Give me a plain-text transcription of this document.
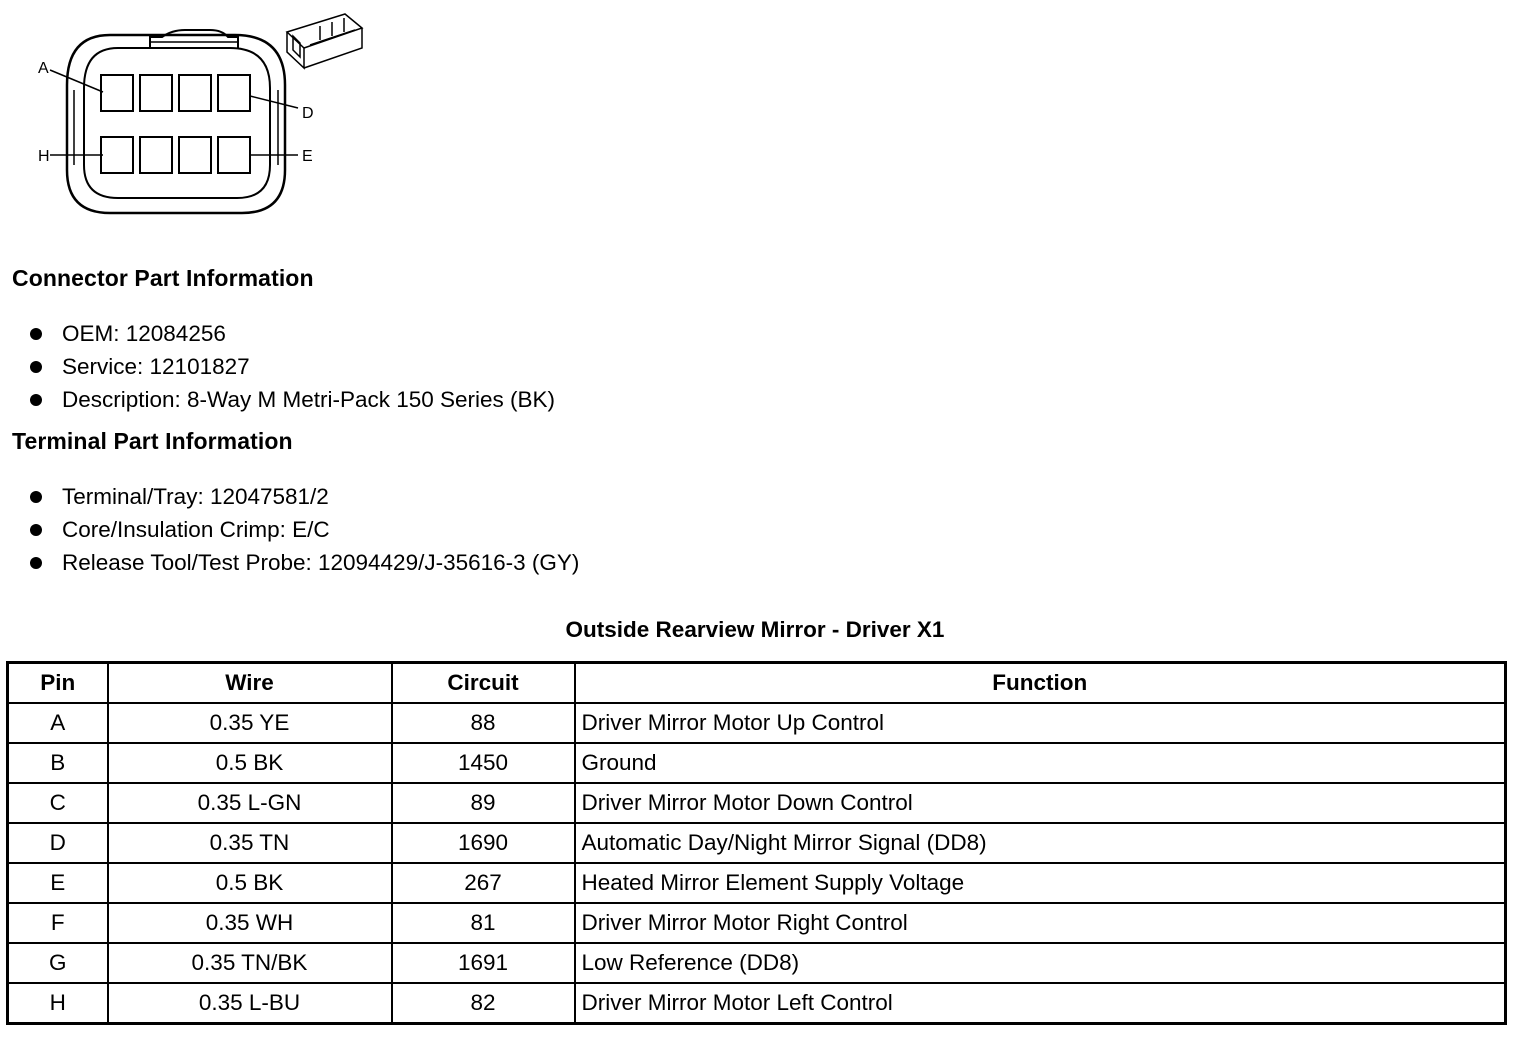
A
D
H	E
Connector Part Information
OEM: 12084256
Service: 12101827
Description: 8-Way M Metri-Pack 150 Series (BK)
Terminal Part Information
Terminal/Tray: 12047581/2
Core/Insulation Crimp: E/C
Release Tool/Test Probe: 12094429/J-35616-3 (GY)
Outside Rearview Mirror - Driver X1
Pin	Wire	Circuit	Function
A	0.35 YE	88	Driver Mirror Motor Up Control
B	0.5 BK	1450	Ground
C	0.35 L-GN	89	Driver Mirror Motor Down Control
D	0.35 TN	1690	Automatic Day/Night Mirror Signal (DD8)
E	0.5 BK	267	Heated Mirror Element Supply Voltage
F	0.35 WH	81	Driver Mirror Motor Right Control
G	0.35 TN/BK	1691	Low Reference (DD8)
H	0.35 L-BU	82	Driver Mirror Motor Left Control
